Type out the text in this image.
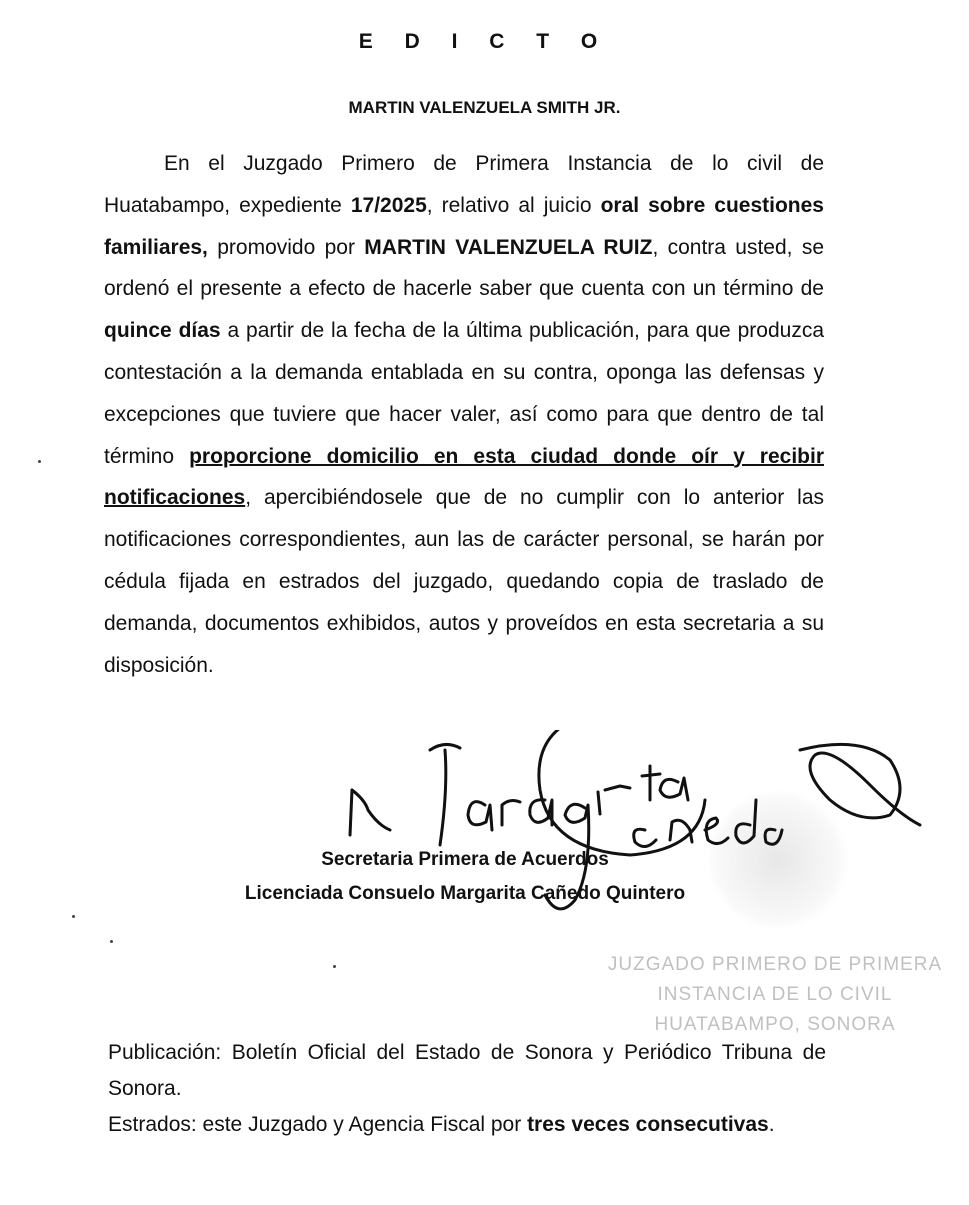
E D I C T O
MARTIN VALENZUELA SMITH JR.

En el Juzgado Primero de Primera Instancia de lo civil de Huatabampo, expediente 17/2025, relativo al juicio oral sobre cuestiones familiares, promovido por MARTIN VALENZUELA RUIZ, contra usted, se ordenó el presente a efecto de hacerle saber que cuenta con un término de quince días a partir de la fecha de la última publicación, para que produzca contestación a la demanda entablada en su contra, oponga las defensas y excepciones que tuviere que hacer valer, así como para que dentro de tal término proporcione domicilio en esta ciudad donde oír y recibir notificaciones, apercibiéndosele que de no cumplir con lo anterior las notificaciones correspondientes, aun las de carácter personal, se harán por cédula fijada en estrados del juzgado, quedando copia de traslado de demanda, documentos exhibidos, autos y proveídos en esta secretaria a su disposición.

Secretaria Primera de Acuerdos
Licenciada Consuelo Margarita Cañedo Quintero
JUZGADO PRIMERO DE PRIMERA
INSTANCIA DE LO CIVIL
HUATABAMPO, SONORA

Publicación: Boletín Oficial del Estado de Sonora y Periódico Tribuna de Sonora.

Estrados: este Juzgado y Agencia Fiscal por tres veces consecutivas.
